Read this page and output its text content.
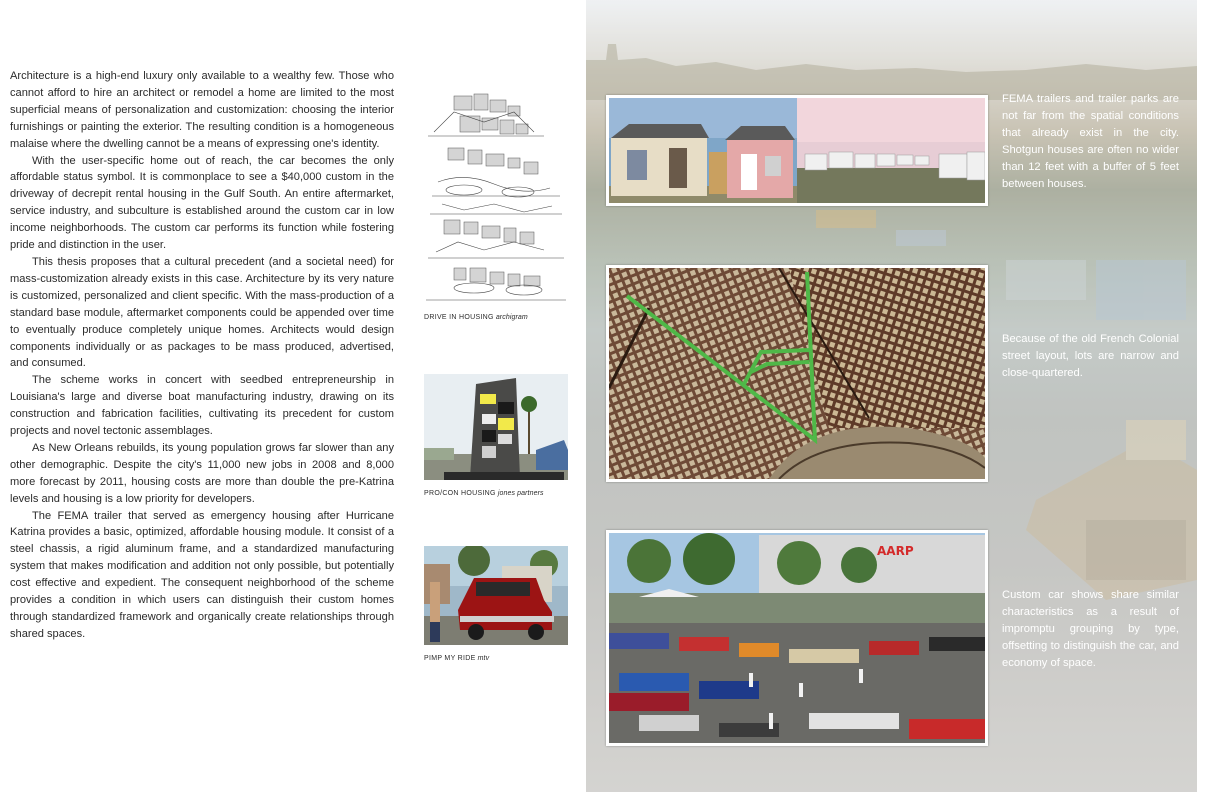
Architecture is a high-end luxury only available to a wealthy few. Those who cannot afford to hire an architect or remodel a home are limited to the most superficial means of personalization and customization: choosing the interior furnishings or painting the exterior. The resulting condition is a homogeneous malaise where the dwelling cannot be a means of expressing one's identity.

With the user-specific home out of reach, the car becomes the only affordable status symbol. It is commonplace to see a $40,000 custom in the driveway of decrepit rental housing in the Gulf South. An entire aftermarket, service industry, and subculture is established around the custom car in low income neighborhoods. The custom car performs its function while fostering pride and distinction in the user.

This thesis proposes that a cultural precedent (and a societal need) for mass-customization already exists in this case. Architecture by its very nature is customized, personalized and client specific. With the mass-production of a standard base module, aftermarket components could be appended over time to eventually produce completely unique homes. Architects would design components individually or as packages to be mass produced, advertised, and consumed.

The scheme works in concert with seedbed entrepreneurship in Louisiana's large and diverse boat manufacturing industry, drawing on its construction and fabrication facilities, cultivating its precedent for custom projects and novel tectonic assemblages.

As New Orleans rebuilds, its young population grows far slower than any other demographic. Despite the city's 11,000 new jobs in 2008 and 8,000 more forecast by 2011, housing costs are more than double the pre-Katrina levels and housing is a low priority for developers.

The FEMA trailer that served as emergency housing after Hurricane Katrina provides a basic, optimized, affordable housing module. It consist of a steel chassis, a rigid aluminum frame, and a standardized manufacturing system that makes modification and addition not only possible, but potentially cost effective and expedient. The consequent neighborhood of the scheme provides a condition in which users can distinguish their custom homes through standardized framework and organically create relationships through shared spaces.

DRIVE IN HOUSING archigram
PRO/CON HOUSING jones partners
PIMP MY RIDE mtv
AARP
FEMA trailers and trailer parks are not far from the spatial conditions that already exist in the city. Shotgun houses are often no wider than 12 feet with a buffer of 5 feet between houses.
Because of the old French Colonial street layout, lots are narrow and close-quartered.
Custom car shows share similar characteristics as a result of impromptu grouping by type, offsetting to distinguish the car, and economy of space.
